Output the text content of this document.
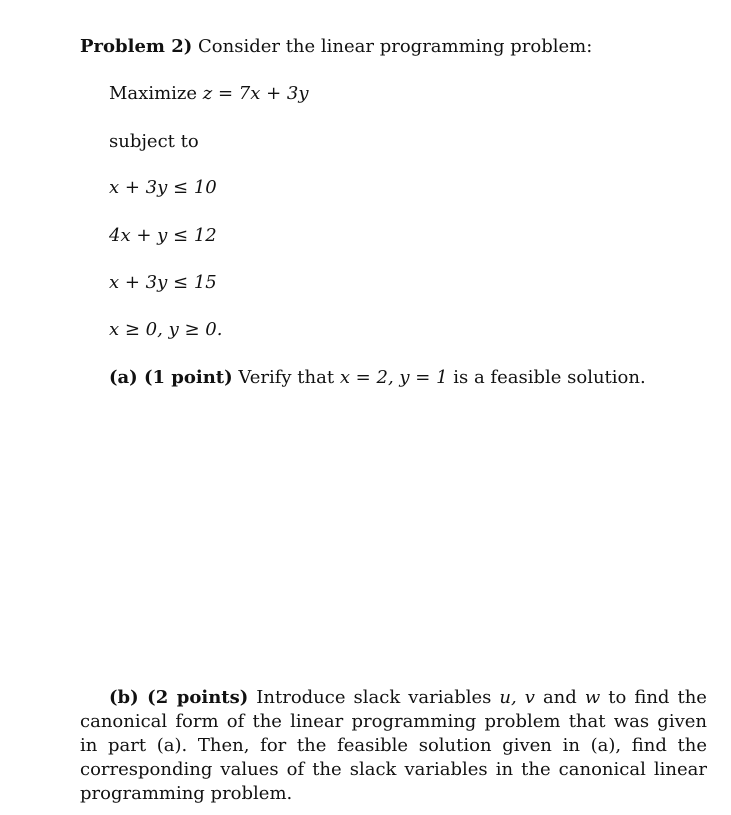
Problem 2) Consider the linear programming problem:
Maximize z = 7x + 3y
subject to
x + 3y ≤ 10
4x + y ≤ 12
x + 3y ≤ 15
x ≥ 0, y ≥ 0.
(a) (1 point) Verify that x = 2, y = 1 is a feasible solution.
(b) (2 points) Introduce slack variables u, v and w to find the canonical form of the linear programming problem that was given in part (a). Then, for the feasible solution given in (a), find the corresponding values of the slack variables in the canonical linear programming problem.
